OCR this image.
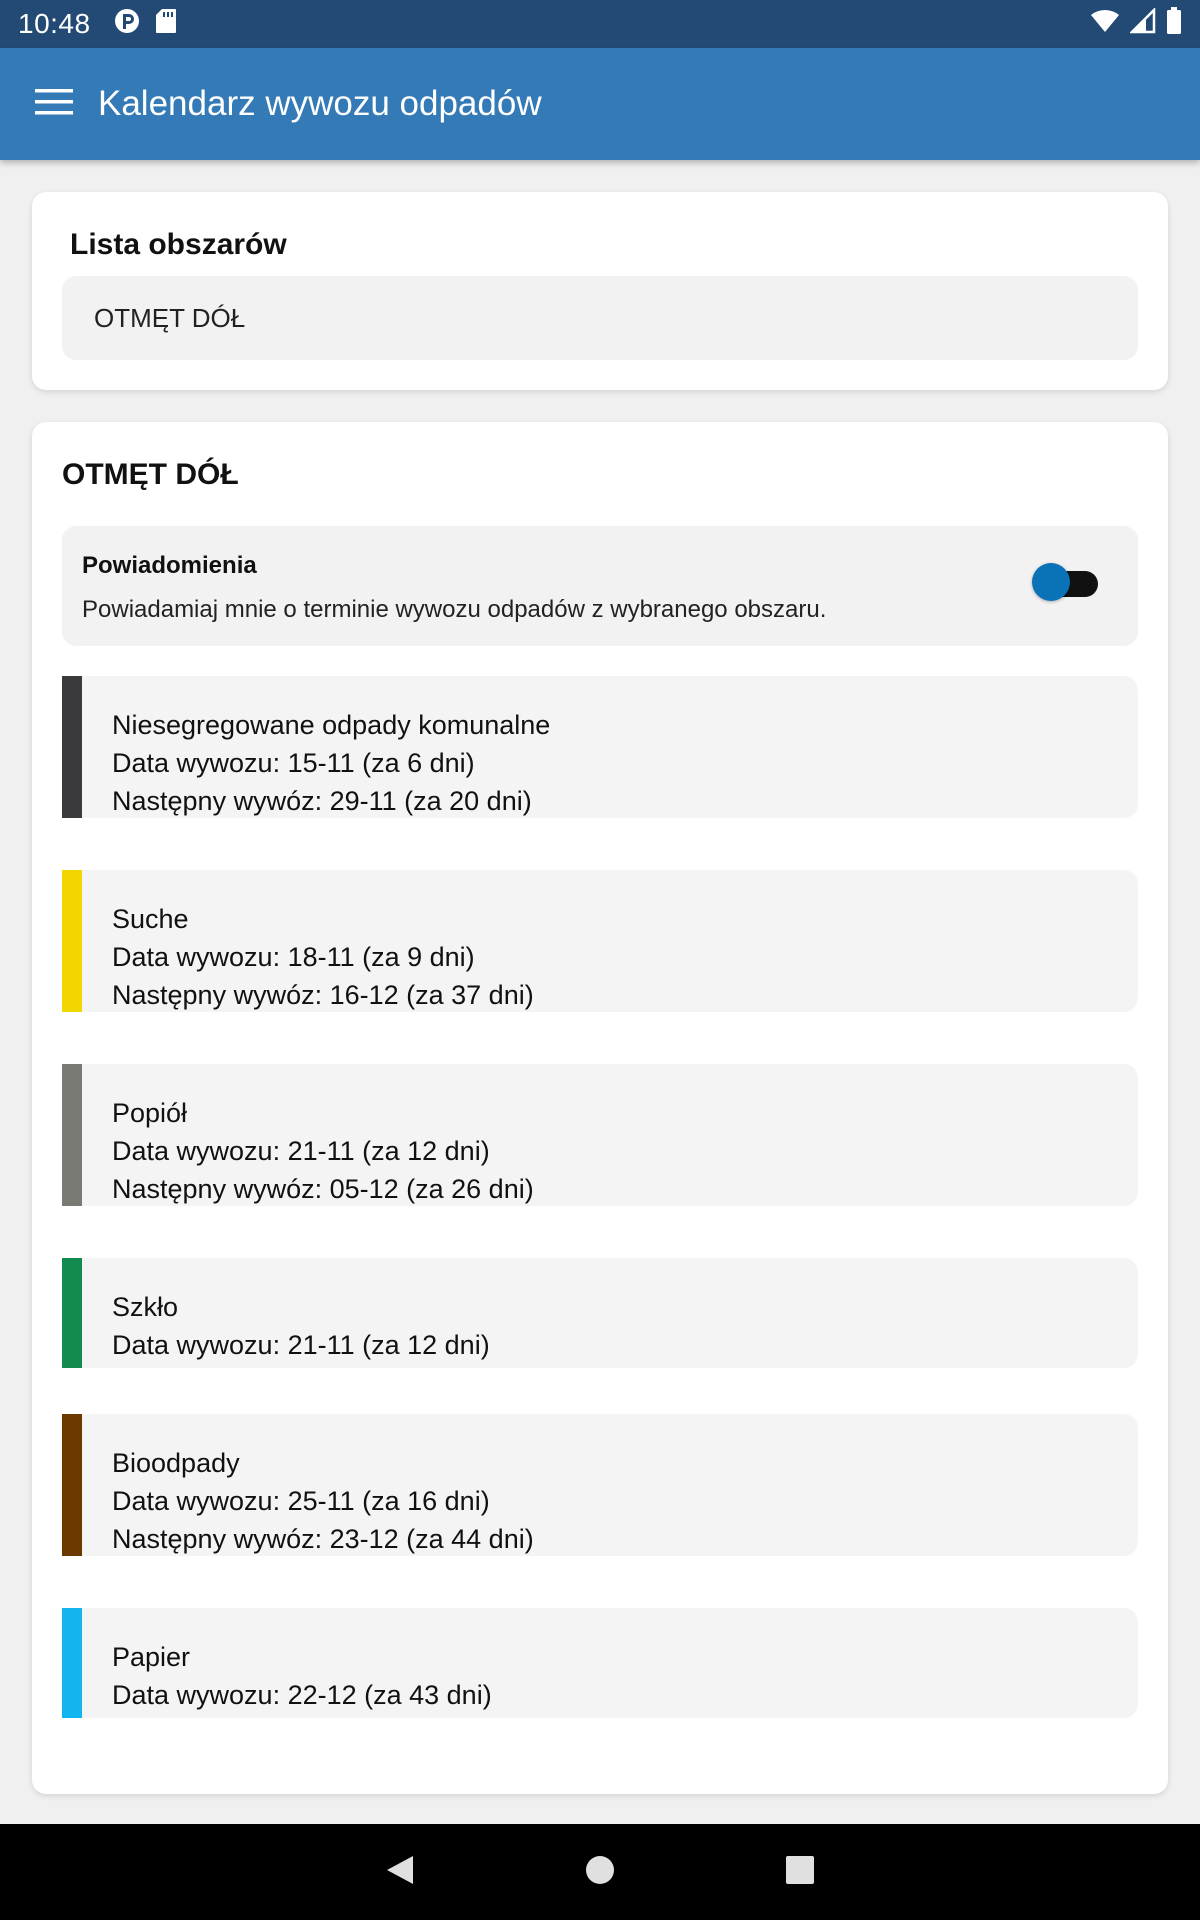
10:48
Kalendarz wywozu odpadów
Lista obszarów
OTMĘT DÓŁ
OTMĘT DÓŁ
Powiadomienia
Powiadamiaj mnie o terminie wywozu odpadów z wybranego obszaru.
Niesegregowane odpady komunalne
Data wywozu: 15-11 (za 6 dni)
Następny wywóz: 29-11 (za 20 dni)
Suche
Data wywozu: 18-11 (za 9 dni)
Następny wywóz: 16-12 (za 37 dni)
Popiół
Data wywozu: 21-11 (za 12 dni)
Następny wywóz: 05-12 (za 26 dni)
Szkło
Data wywozu: 21-11 (za 12 dni)
Bioodpady
Data wywozu: 25-11 (za 16 dni)
Następny wywóz: 23-12 (za 44 dni)
Papier
Data wywozu: 22-12 (za 43 dni)
